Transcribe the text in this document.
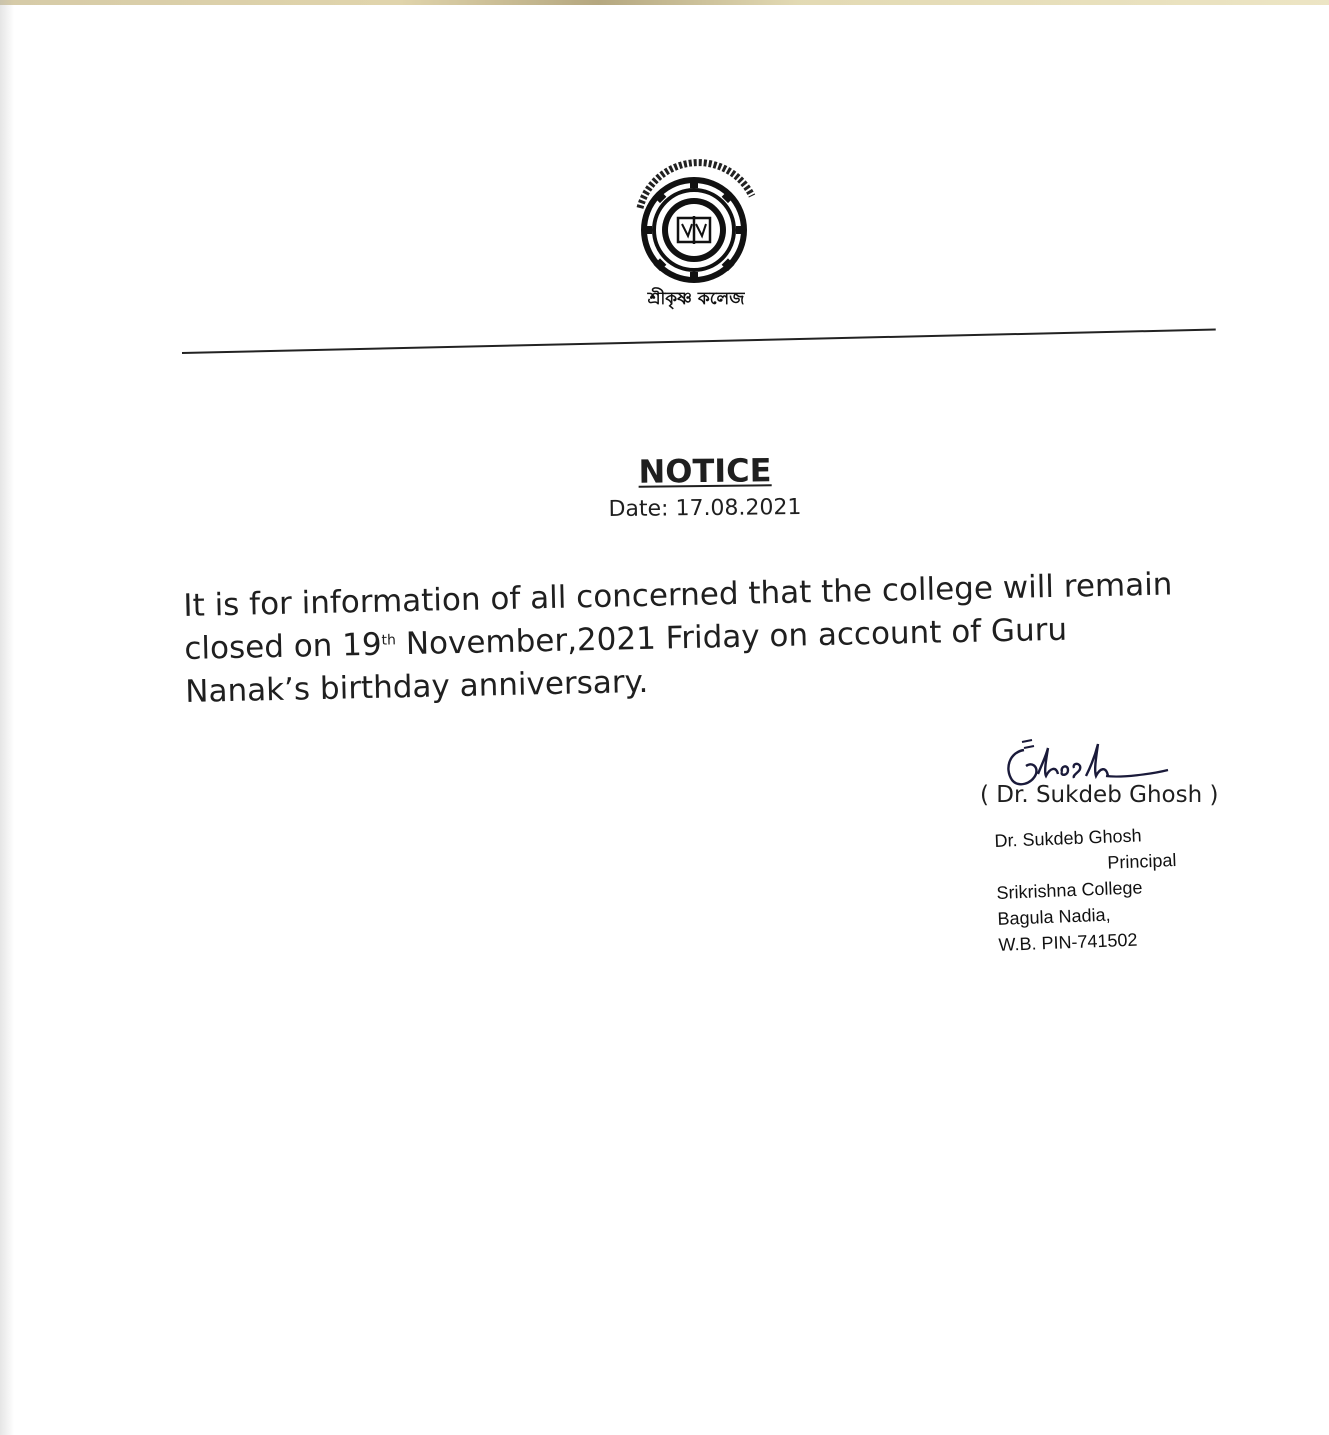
শ্রীকৃষ্ণ কলেজ
NOTICE
Date: 17.08.2021
It is for information of all concerned that the college will remain closed on 19th November,2021 Friday on account of Guru Nanak’s birthday anniversary.
( Dr. Sukdeb Ghosh )
Dr. Sukdeb Ghosh
Principal
Srikrishna College
Bagula Nadia,
W.B. PIN-741502
